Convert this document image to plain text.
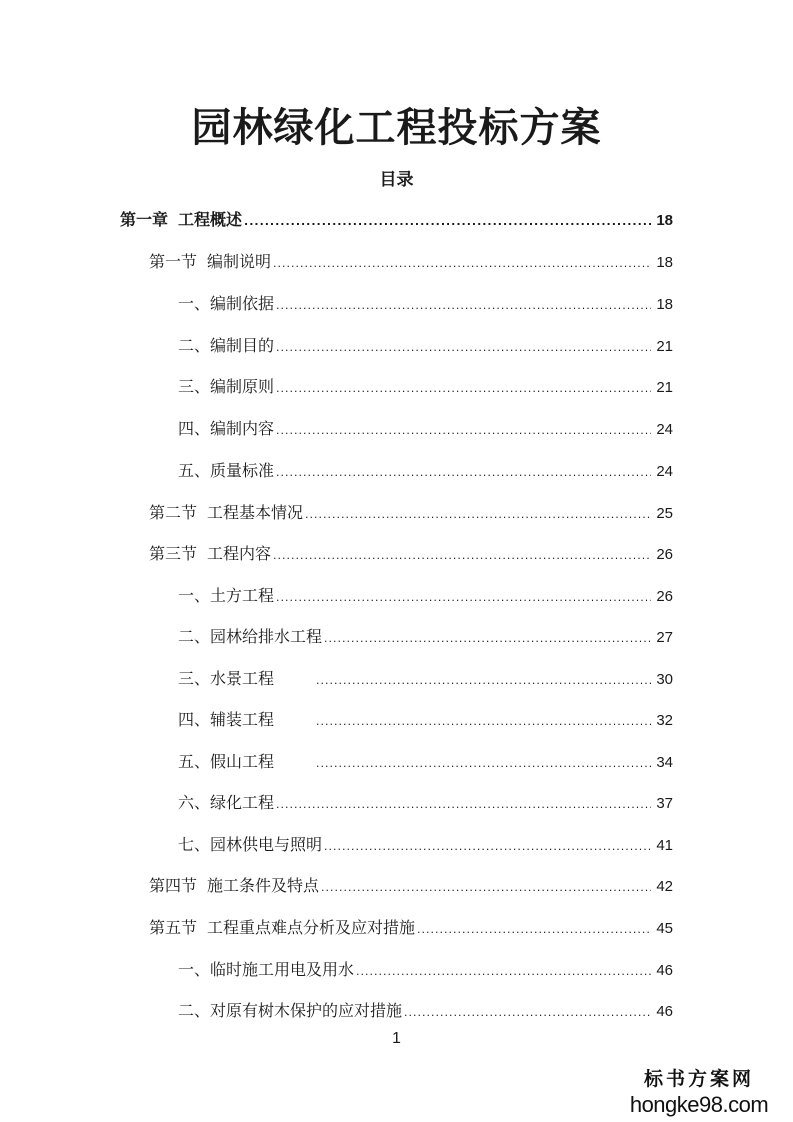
园林绿化工程投标方案
目录
第一章 工程概述 .....	18
第一节 编制说明 .....	18
一、 编制依据 .....	18
二、 编制目的 .....	21
三、 编制原则 .....	21
四、 编制内容 .....	24
五、 质量标准 .....	24
第二节 工程基本情况 .....	25
第三节 工程内容 .....	26
一、 土方工程 .....	26
二、 园林给排水工程 .....	27
三、 水景工程 .....	30
四、 辅装工程 .....	32
五、 假山工程 .....	34
六、 绿化工程 .....	37
七、 园林供电与照明 .....	41
第四节 施工条件及特点 .....	42
第五节 工程重点难点分析及应对措施 .....	45
一、 临时施工用电及用水 .....	46
二、 对原有树木保护的应对措施 .....	46
1
标书方案网
hongke98.com
